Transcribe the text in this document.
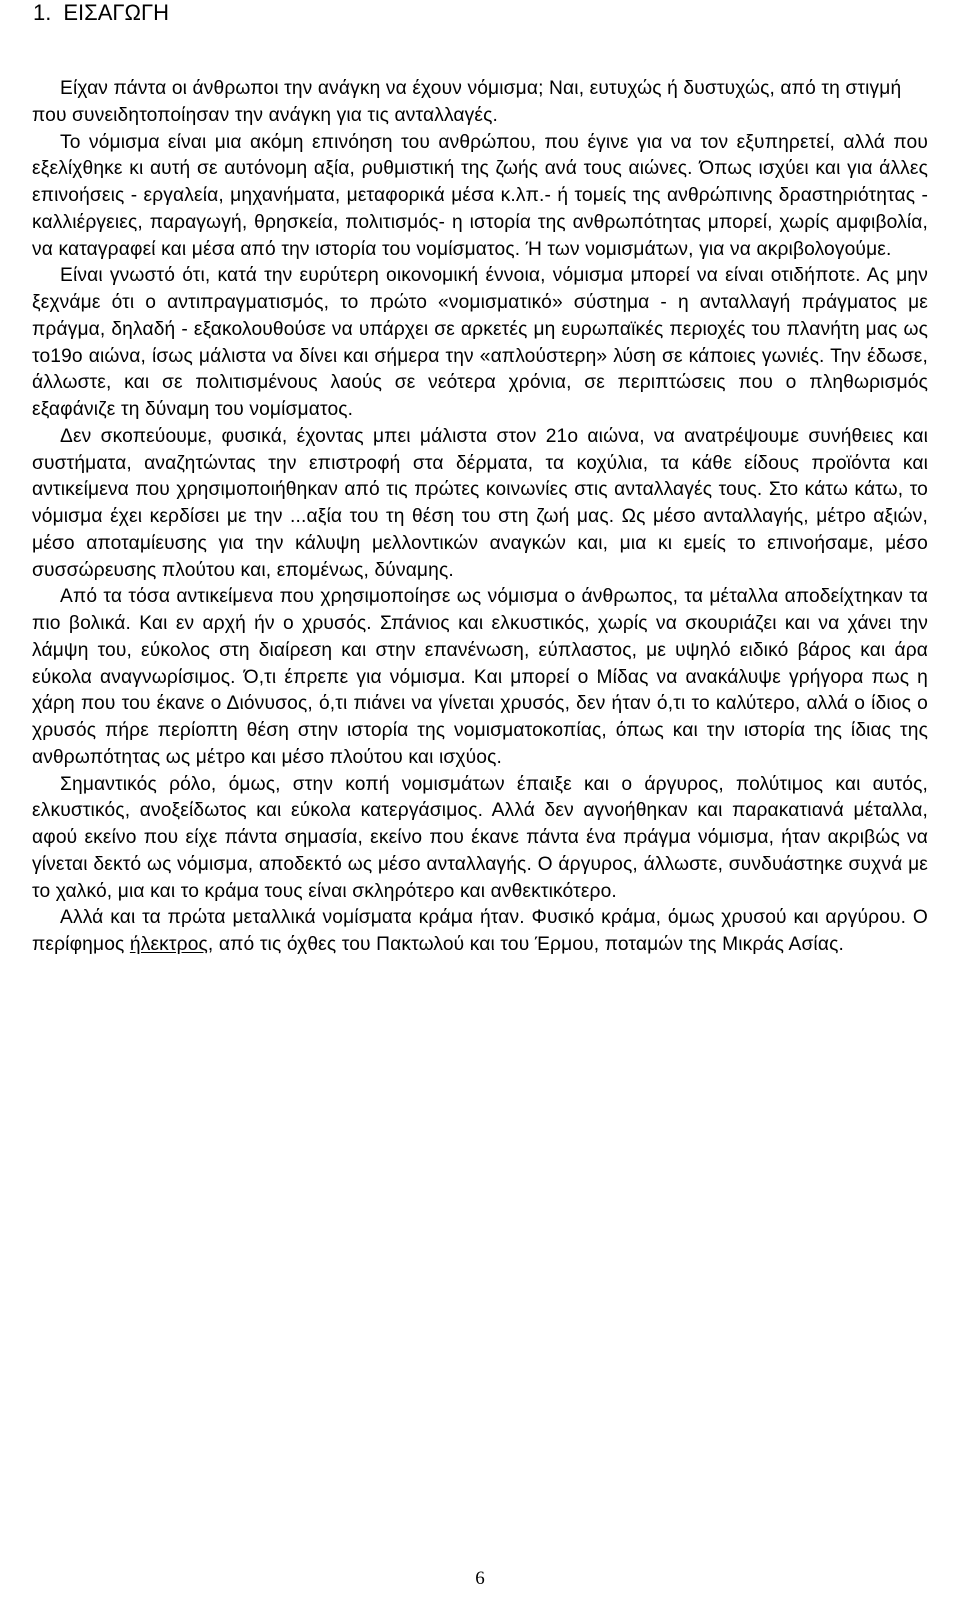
1. ΕΙΣΑΓΩΓΗ

Είχαν πάντα οι άνθρωποι την ανάγκη να έχουν νόμισμα; Ναι, ευτυχώς ή δυστυχώς, από τη στιγμή που συνειδητοποίησαν την ανάγκη για τις ανταλλαγές.

Το νόμισμα είναι μια ακόμη επινόηση του ανθρώπου, που έγινε για να τον εξυπηρετεί, αλλά που εξελίχθηκε κι αυτή σε αυτόνομη αξία, ρυθμιστική της ζωής ανά τους αιώνες. Όπως ισχύει και για άλλες επινοήσεις - εργαλεία, μηχανήματα, μεταφορικά μέσα κ.λπ.- ή τομείς της ανθρώπινης δραστηριότητας - καλλιέργειες, παραγωγή, θρησκεία, πολιτισμός- η ιστορία της ανθρωπότητας μπορεί, χωρίς αμφιβολία, να καταγραφεί και μέσα από την ιστορία του νομίσματος. Ή των νομισμάτων, για να ακριβολογούμε.

Είναι γνωστό ότι, κατά την ευρύτερη οικονομική έννοια, νόμισμα μπορεί να είναι οτιδήποτε. Ας μην ξεχνάμε ότι ο αντιπραγματισμός, το πρώτο «νομισματικό» σύστημα - η ανταλλαγή πράγματος με πράγμα, δηλαδή - εξακολουθούσε να υπάρχει σε αρκετές μη ευρωπαϊκές περιοχές του πλανήτη μας ως το19ο αιώνα, ίσως μάλιστα να δίνει και σήμερα την «απλούστερη» λύση σε κάποιες γωνιές. Την έδωσε, άλλωστε, και σε πολιτισμένους λαούς σε νεότερα χρόνια, σε περιπτώσεις που ο πληθωρισμός εξαφάνιζε τη δύναμη του νομίσματος.

Δεν σκοπεύουμε, φυσικά, έχοντας μπει μάλιστα στον 21ο αιώνα, να ανατρέψουμε συνήθειες και συστήματα, αναζητώντας την επιστροφή στα δέρματα, τα κοχύλια, τα κάθε είδους προϊόντα και αντικείμενα που χρησιμοποιήθηκαν από τις πρώτες κοινωνίες στις ανταλλαγές τους. Στο κάτω κάτω, το νόμισμα έχει κερδίσει με την ...αξία του τη θέση του στη ζωή μας. Ως μέσο ανταλλαγής, μέτρο αξιών, μέσο αποταμίευσης για την κάλυψη μελλοντικών αναγκών και, μια κι εμείς το επινοήσαμε, μέσο συσσώρευσης πλούτου και, επομένως, δύναμης.

Από τα τόσα αντικείμενα που χρησιμοποίησε ως νόμισμα ο άνθρωπος, τα μέταλλα αποδείχτηκαν τα πιο βολικά. Και εν αρχή ήν ο χρυσός. Σπάνιος και ελκυστικός, χωρίς να σκουριάζει και να χάνει την λάμψη του, εύκολος στη διαίρεση και στην επανένωση, εύπλαστος, με υψηλό ειδικό βάρος και άρα εύκολα αναγνωρίσιμος. Ό,τι έπρεπε για νόμισμα. Και μπορεί ο Μίδας να ανακάλυψε γρήγορα πως η χάρη που του έκανε ο Διόνυσος, ό,τι πιάνει να γίνεται χρυσός, δεν ήταν ό,τι το καλύτερο, αλλά ο ίδιος ο χρυσός πήρε περίοπτη θέση στην ιστορία της νομισματοκοπίας, όπως και την ιστορία της ίδιας της ανθρωπότητας ως μέτρο και μέσο πλούτου και ισχύος.

Σημαντικός ρόλο, όμως, στην κοπή νομισμάτων έπαιξε και ο άργυρος, πολύτιμος και αυτός, ελκυστικός, ανοξείδωτος και εύκολα κατεργάσιμος. Αλλά δεν αγνοήθηκαν και παρακατιανά μέταλλα, αφού εκείνο που είχε πάντα σημασία, εκείνο που έκανε πάντα ένα πράγμα νόμισμα, ήταν ακριβώς να γίνεται δεκτό ως νόμισμα, αποδεκτό ως μέσο ανταλλαγής. Ο άργυρος, άλλωστε, συνδυάστηκε συχνά με το χαλκό, μια και το κράμα τους είναι σκληρότερο και ανθεκτικότερο.

Αλλά και τα πρώτα μεταλλικά νομίσματα κράμα ήταν. Φυσικό κράμα, όμως χρυσού και αργύρου. Ο περίφημος ήλεκτρος, από τις όχθες του Πακτωλού και του Έρμου, ποταμών της Μικράς Ασίας.

6
